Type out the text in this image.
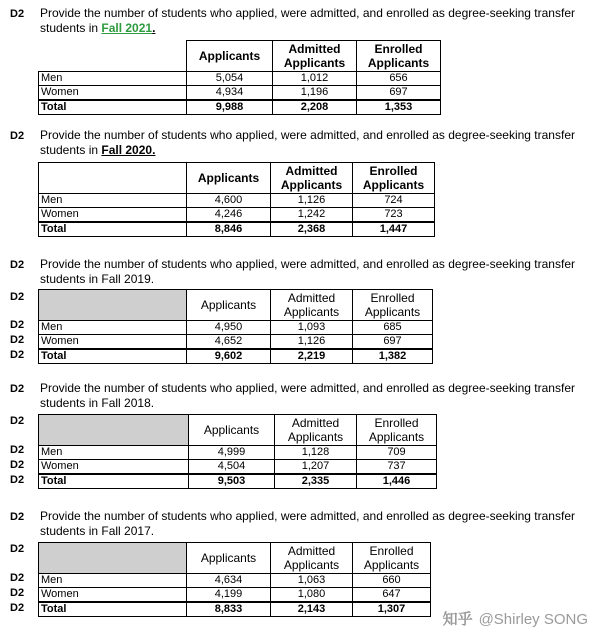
D2 Provide the number of students who applied, were admitted, and enrolled as degree-seeking transfer students in Fall 2021.
	Applicants	Admitted Applicants	Enrolled Applicants
Men	5,054	1,012	656
Women	4,934	1,196	697
Total	9,988	2,208	1,353
D2 Provide the number of students who applied, were admitted, and enrolled as degree-seeking transfer students in Fall 2020.
	Applicants	Admitted Applicants	Enrolled Applicants
Men	4,600	1,126	724
Women	4,246	1,242	723
Total	8,846	2,368	1,447
D2 Provide the number of students who applied, were admitted, and enrolled as degree-seeking transfer students in Fall 2019.
D2
D2
D2
D2
	Applicants	Admitted Applicants	Enrolled Applicants
Men	4,950	1,093	685
Women	4,652	1,126	697
Total	9,602	2,219	1,382
D2 Provide the number of students who applied, were admitted, and enrolled as degree-seeking transfer students in Fall 2018.
D2
D2
D2
D2
	Applicants	Admitted Applicants	Enrolled Applicants
Men	4,999	1,128	709
Women	4,504	1,207	737
Total	9,503	2,335	1,446
D2 Provide the number of students who applied, were admitted, and enrolled as degree-seeking transfer students in Fall 2017.
D2
D2
D2
D2
	Applicants	Admitted Applicants	Enrolled Applicants
Men	4,634	1,063	660
Women	4,199	1,080	647
Total	8,833	2,143	1,307
知乎 @Shirley SONG
